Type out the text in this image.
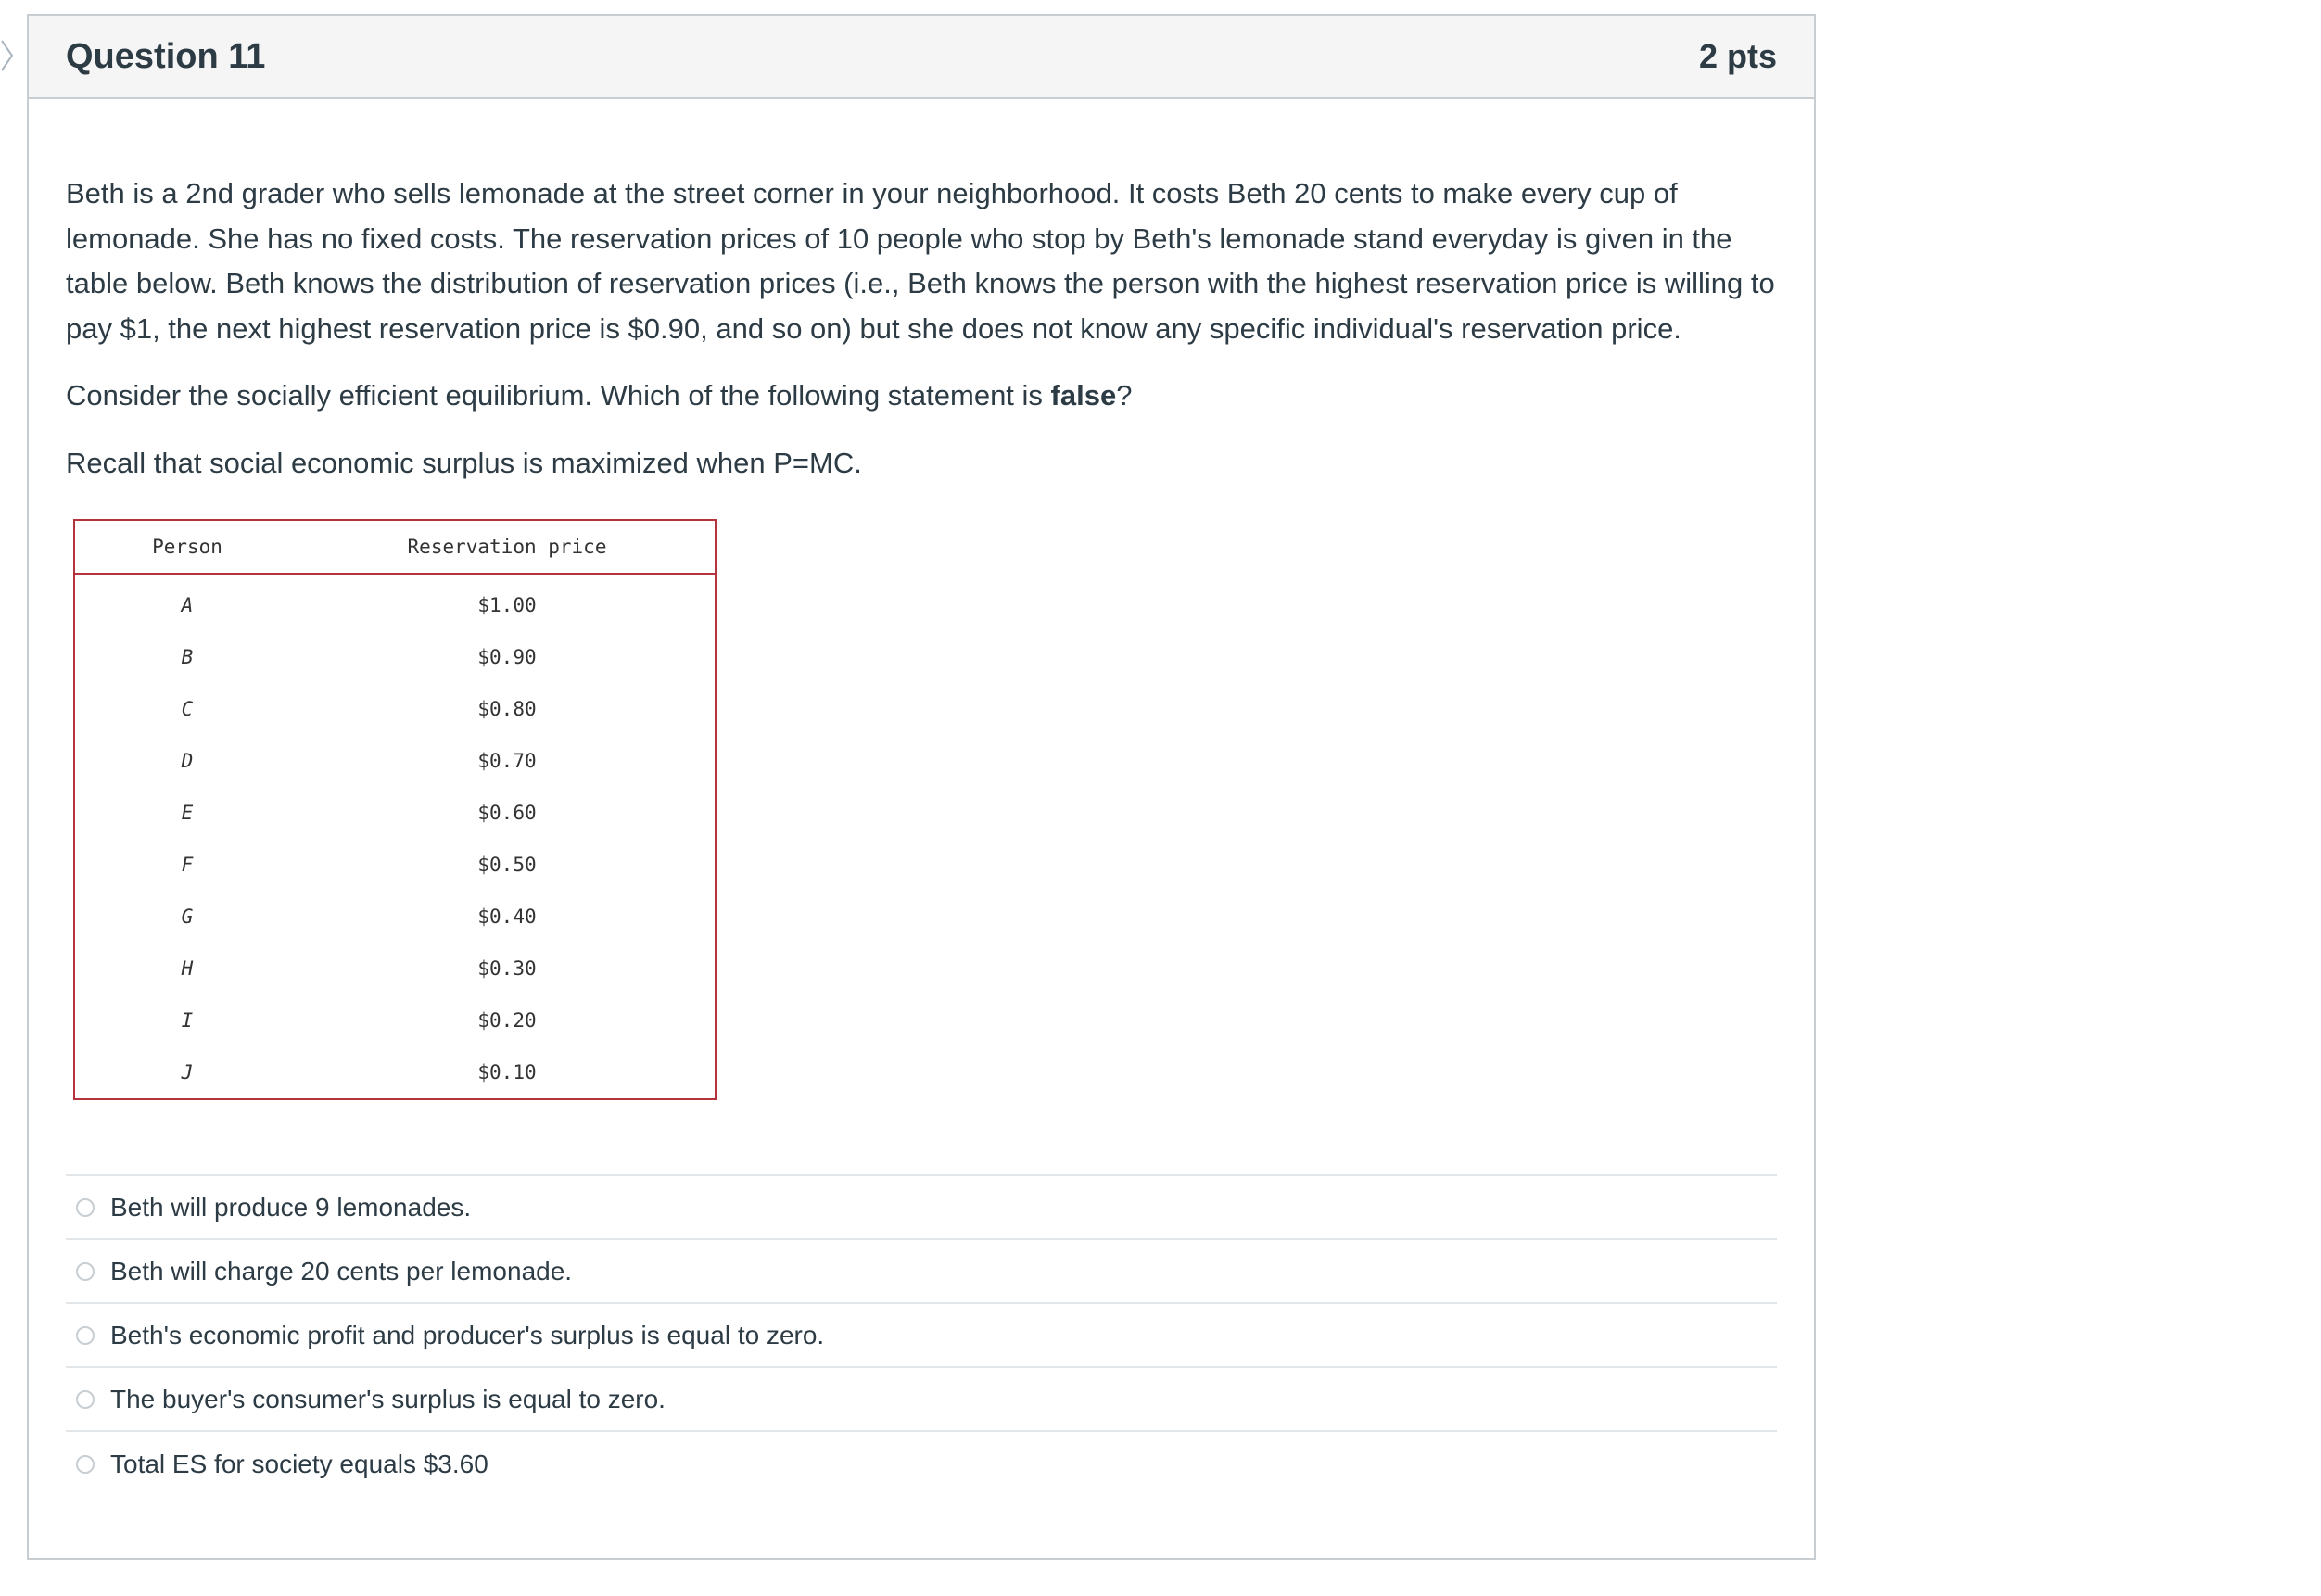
Question 11	2 pts

Beth is a 2nd grader who sells lemonade at the street corner in your neighborhood. It costs Beth 20 cents to make every cup of lemonade. She has no fixed costs. The reservation prices of 10 people who stop by Beth's lemonade stand everyday is given in the table below. Beth knows the distribution of reservation prices (i.e., Beth knows the person with the highest reservation price is willing to pay $1, the next highest reservation price is $0.90, and so on) but she does not know any specific individual's reservation price.

Consider the socially efficient equilibrium. Which of the following statement is false?

Recall that social economic surplus is maximized when P=MC.

Person	Reservation price
A	$1.00
B	$0.90
C	$0.80
D	$0.70
E	$0.60
F	$0.50
G	$0.40
H	$0.30
I	$0.20
J	$0.10
Beth will produce 9 lemonades.
Beth will charge 20 cents per lemonade.
Beth's economic profit and producer's surplus is equal to zero.
The buyer's consumer's surplus is equal to zero.
Total ES for society equals $3.60
